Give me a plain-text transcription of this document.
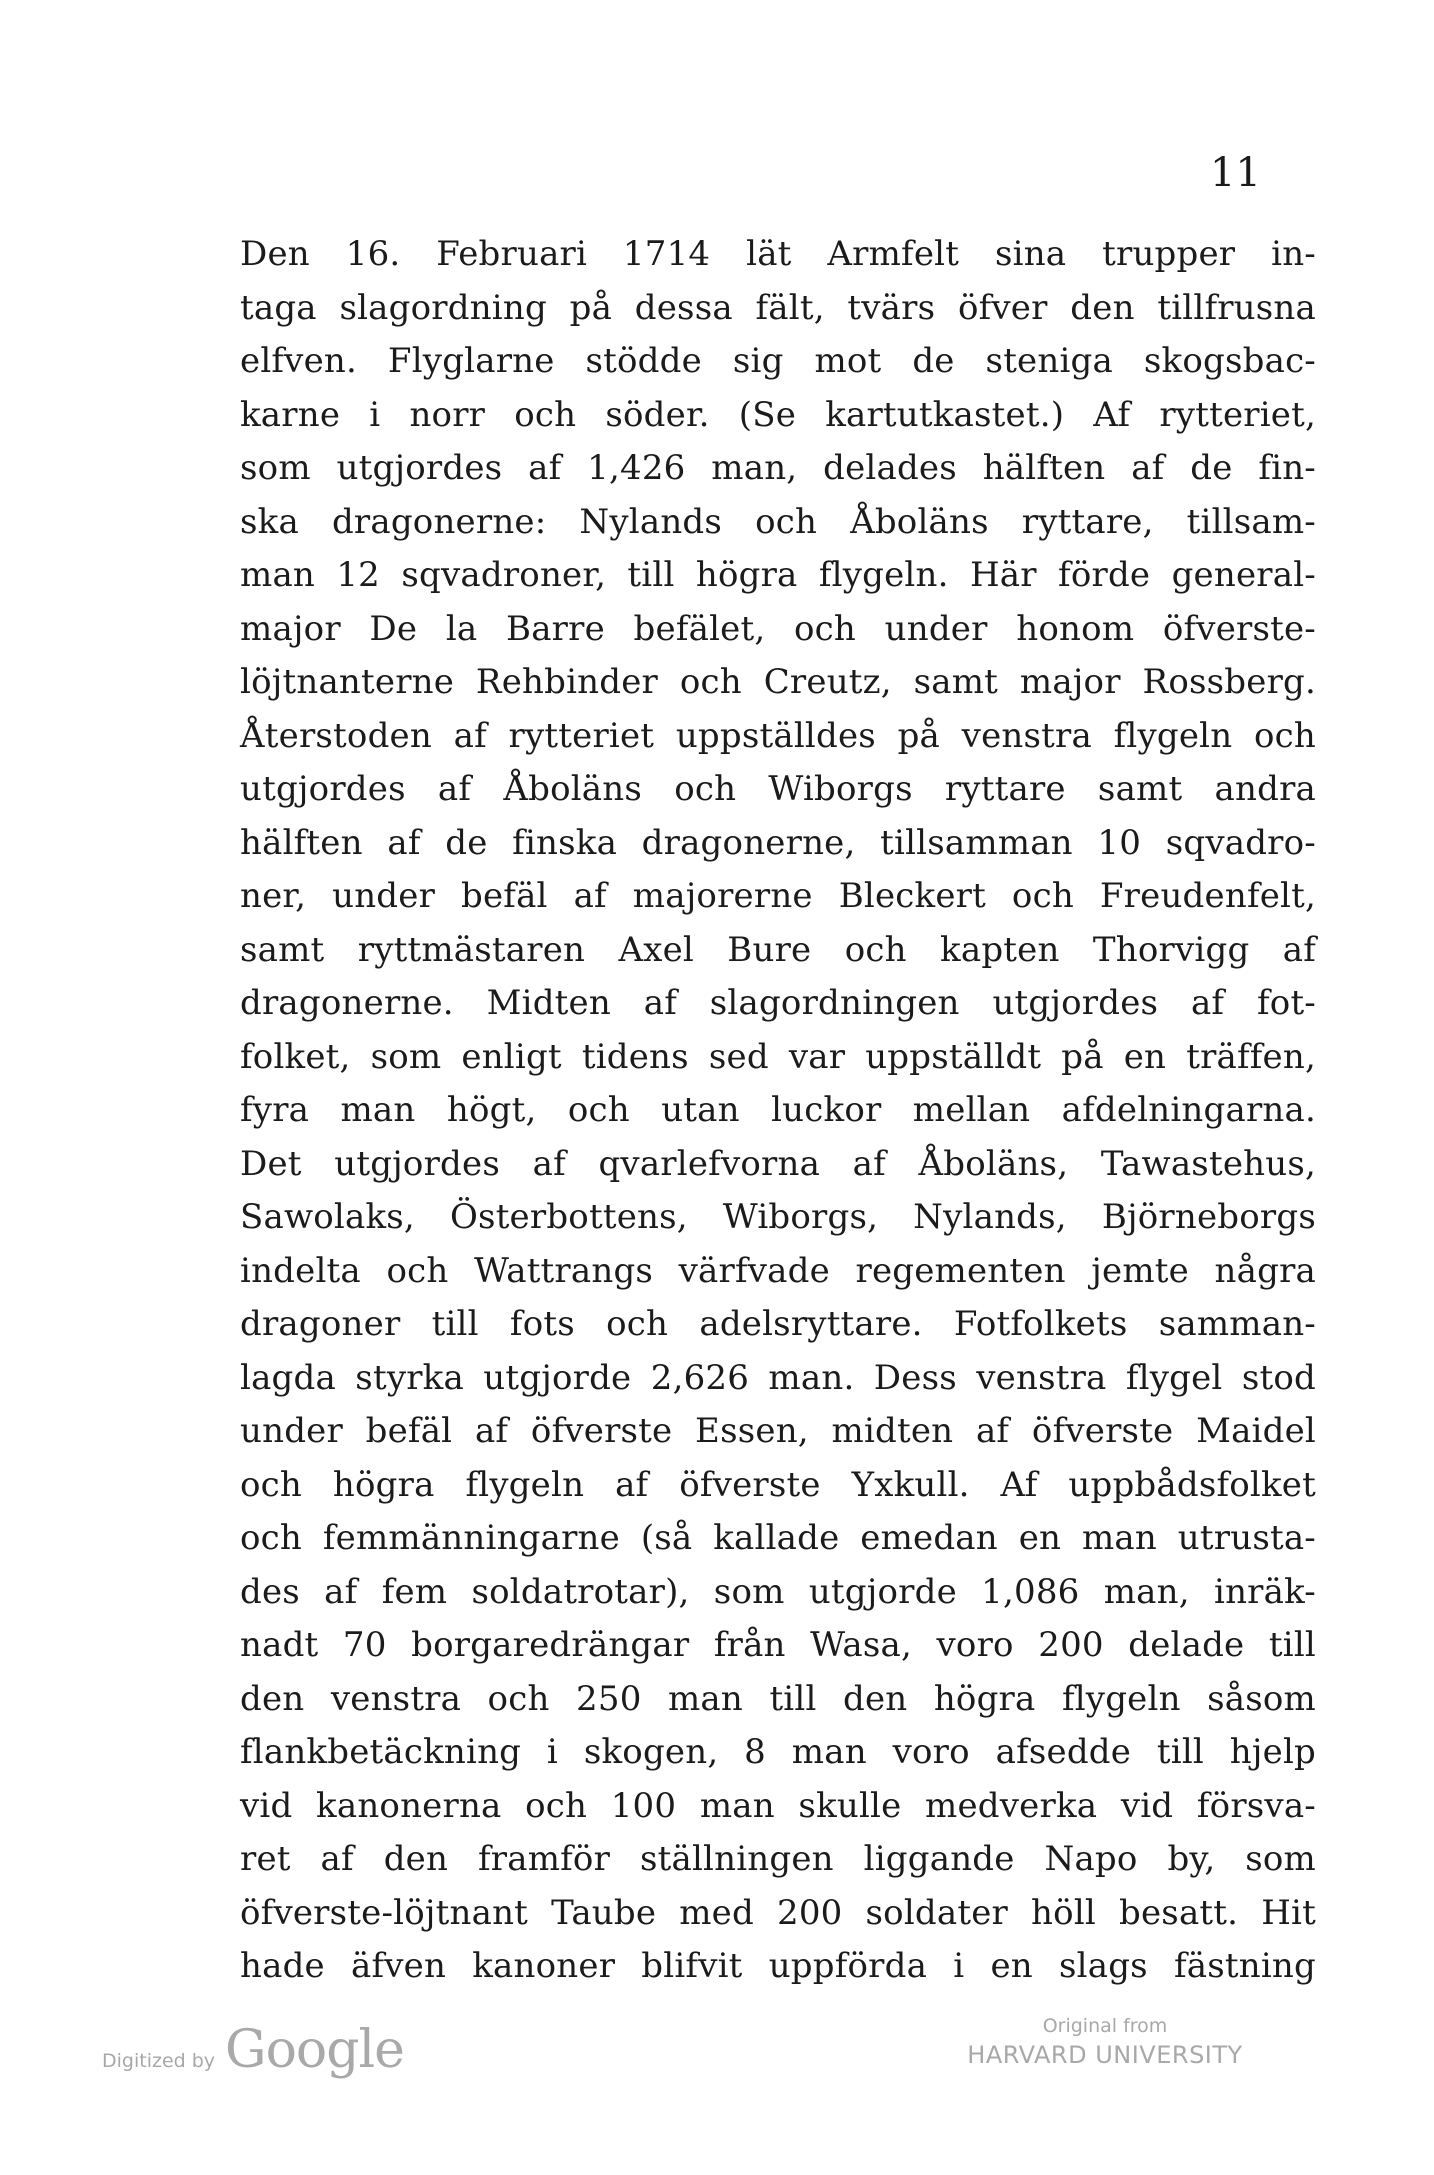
11
Den 16. Februari 1714 lät Armfelt sina trupper in-
taga slagordning på dessa fält, tvärs öfver den tillfrusna
elfven. Flyglarne stödde sig mot de steniga skogsbac-
karne i norr och söder. (Se kartutkastet.) Af rytteriet,
som utgjordes af 1,426 man, delades hälften af de fin-
ska dragonerne: Nylands och Åboläns ryttare, tillsam-
man 12 sqvadroner, till högra flygeln. Här förde general-
major De la Barre befälet, och under honom öfverste-
löjtnanterne Rehbinder och Creutz, samt major Rossberg.
Återstoden af rytteriet uppställdes på venstra flygeln och
utgjordes af Åboläns och Wiborgs ryttare samt andra
hälften af de finska dragonerne, tillsamman 10 sqvadro-
ner, under befäl af majorerne Bleckert och Freudenfelt,
samt ryttmästaren Axel Bure och kapten Thorvigg af
dragonerne. Midten af slagordningen utgjordes af fot-
folket, som enligt tidens sed var uppställdt på en träffen,
fyra man högt, och utan luckor mellan afdelningarna.
Det utgjordes af qvarlefvorna af Åboläns, Tawastehus,
Sawolaks, Österbottens, Wiborgs, Nylands, Björneborgs
indelta och Wattrangs värfvade regementen jemte några
dragoner till fots och adelsryttare. Fotfolkets samman-
lagda styrka utgjorde 2,626 man. Dess venstra flygel stod
under befäl af öfverste Essen, midten af öfverste Maidel
och högra flygeln af öfverste Yxkull. Af uppbådsfolket
och femmänningarne (så kallade emedan en man utrusta-
des af fem soldatrotar), som utgjorde 1,086 man, inräk-
nadt 70 borgaredrängar från Wasa, voro 200 delade till
den venstra och 250 man till den högra flygeln såsom
flankbetäckning i skogen, 8 man voro afsedde till hjelp
vid kanonerna och 100 man skulle medverka vid försva-
ret af den framför ställningen liggande Napo by, som
öfverste-löjtnant Taube med 200 soldater höll besatt. Hit
hade äfven kanoner blifvit uppförda i en slags fästning
Digitized by Google	Original from
HARVARD UNIVERSITY
